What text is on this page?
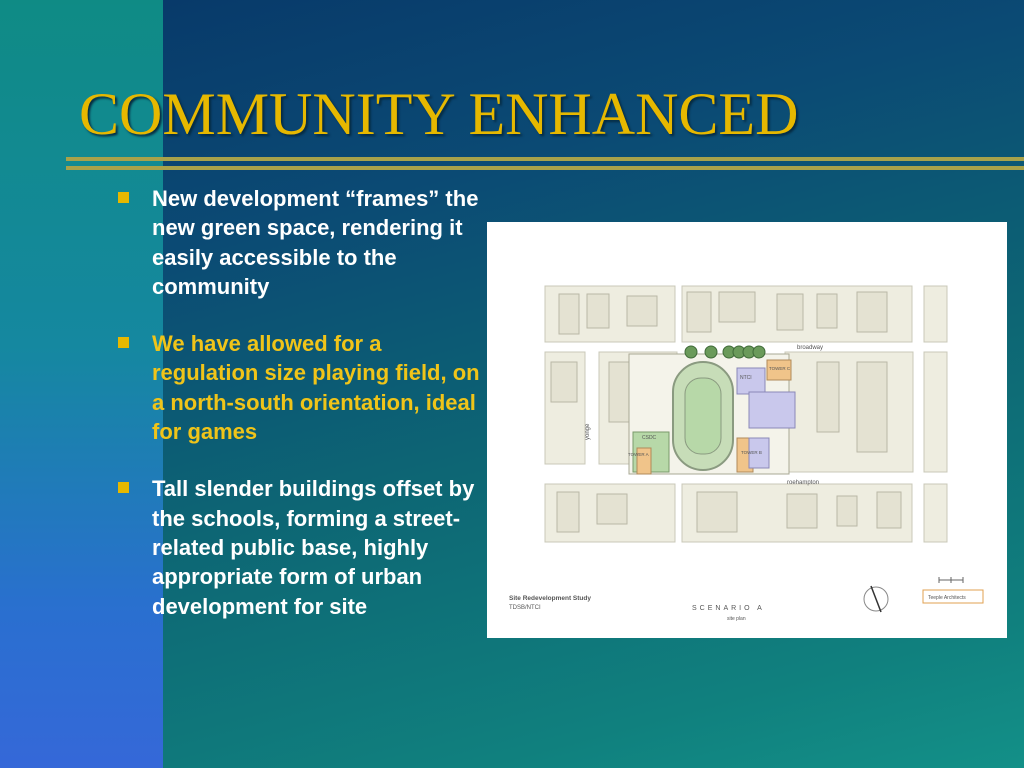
COMMUNITY ENHANCED
New development “frames” the new green space, rendering it easily accessible to the community
We have allowed for a regulation size playing field, on a north-south orientation, ideal for games
Tall slender buildings offset by the schools, forming a street-related public base, highly appropriate form of urban development for site
broadway
roehampton
yonge
NTCI
TOWER C
CSDC
TOWER A	TOWER B
Site Redevelopment Study
TDSB/NTCI	SCENARIO A
site plan
Teeple Architects
